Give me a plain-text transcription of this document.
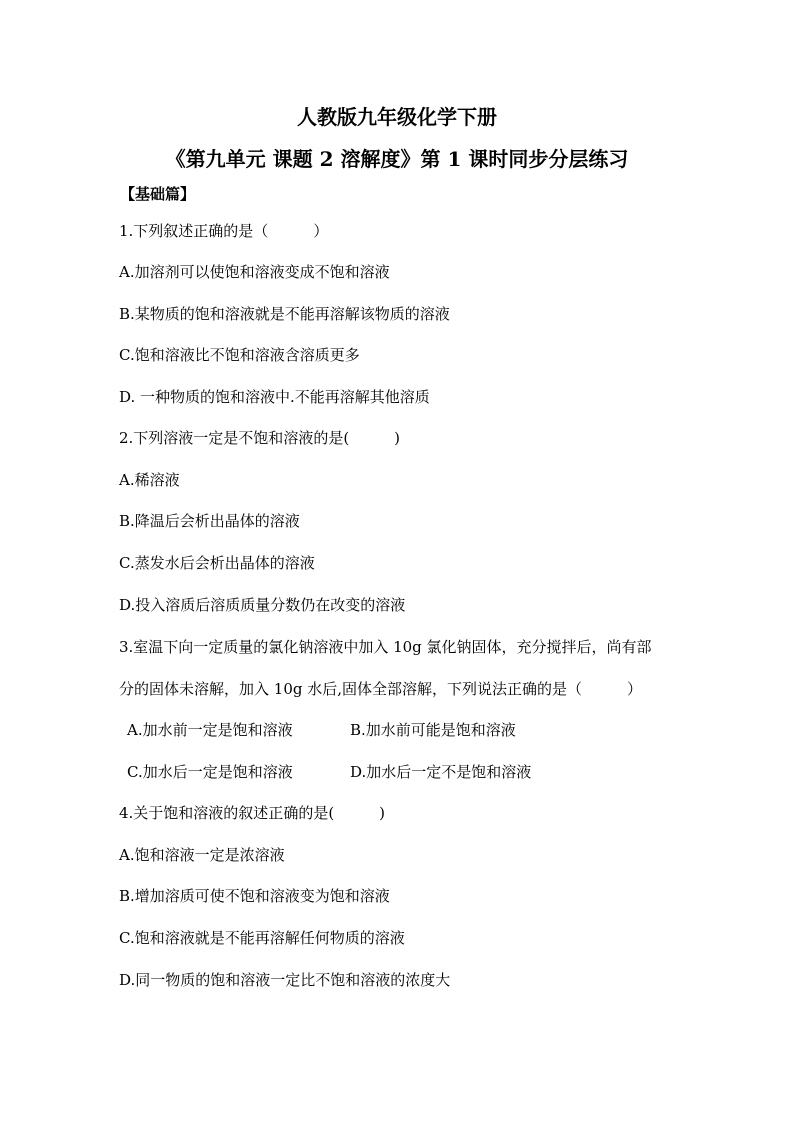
人教版九年级化学下册
《第九单元 课题 2 溶解度》第 1 课时同步分层练习
【基础篇】
1.下列叙述正确的是（　　　）
A.加溶剂可以使饱和溶液变成不饱和溶液
B.某物质的饱和溶液就是不能再溶解该物质的溶液
C.饱和溶液比不饱和溶液含溶质更多
D. 一种物质的饱和溶液中.不能再溶解其他溶质
2.下列溶液一定是不饱和溶液的是(　　　)
A.稀溶液
B.降温后会析出晶体的溶液
C.蒸发水后会析出晶体的溶液
D.投入溶质后溶质质量分数仍在改变的溶液
3.室温下向一定质量的氯化钠溶液中加入 10g 氯化钠固体，充分搅拌后，尚有部
分的固体未溶解，加入 10g 水后,固体全部溶解，下列说法正确的是（　　　）
A.加水前一定是饱和溶液	B.加水前可能是饱和溶液
C.加水后一定是饱和溶液	D.加水后一定不是饱和溶液
4.关于饱和溶液的叙述正确的是(　　　)
A.饱和溶液一定是浓溶液
B.增加溶质可使不饱和溶液变为饱和溶液
C.饱和溶液就是不能再溶解任何物质的溶液
D.同一物质的饱和溶液一定比不饱和溶液的浓度大
